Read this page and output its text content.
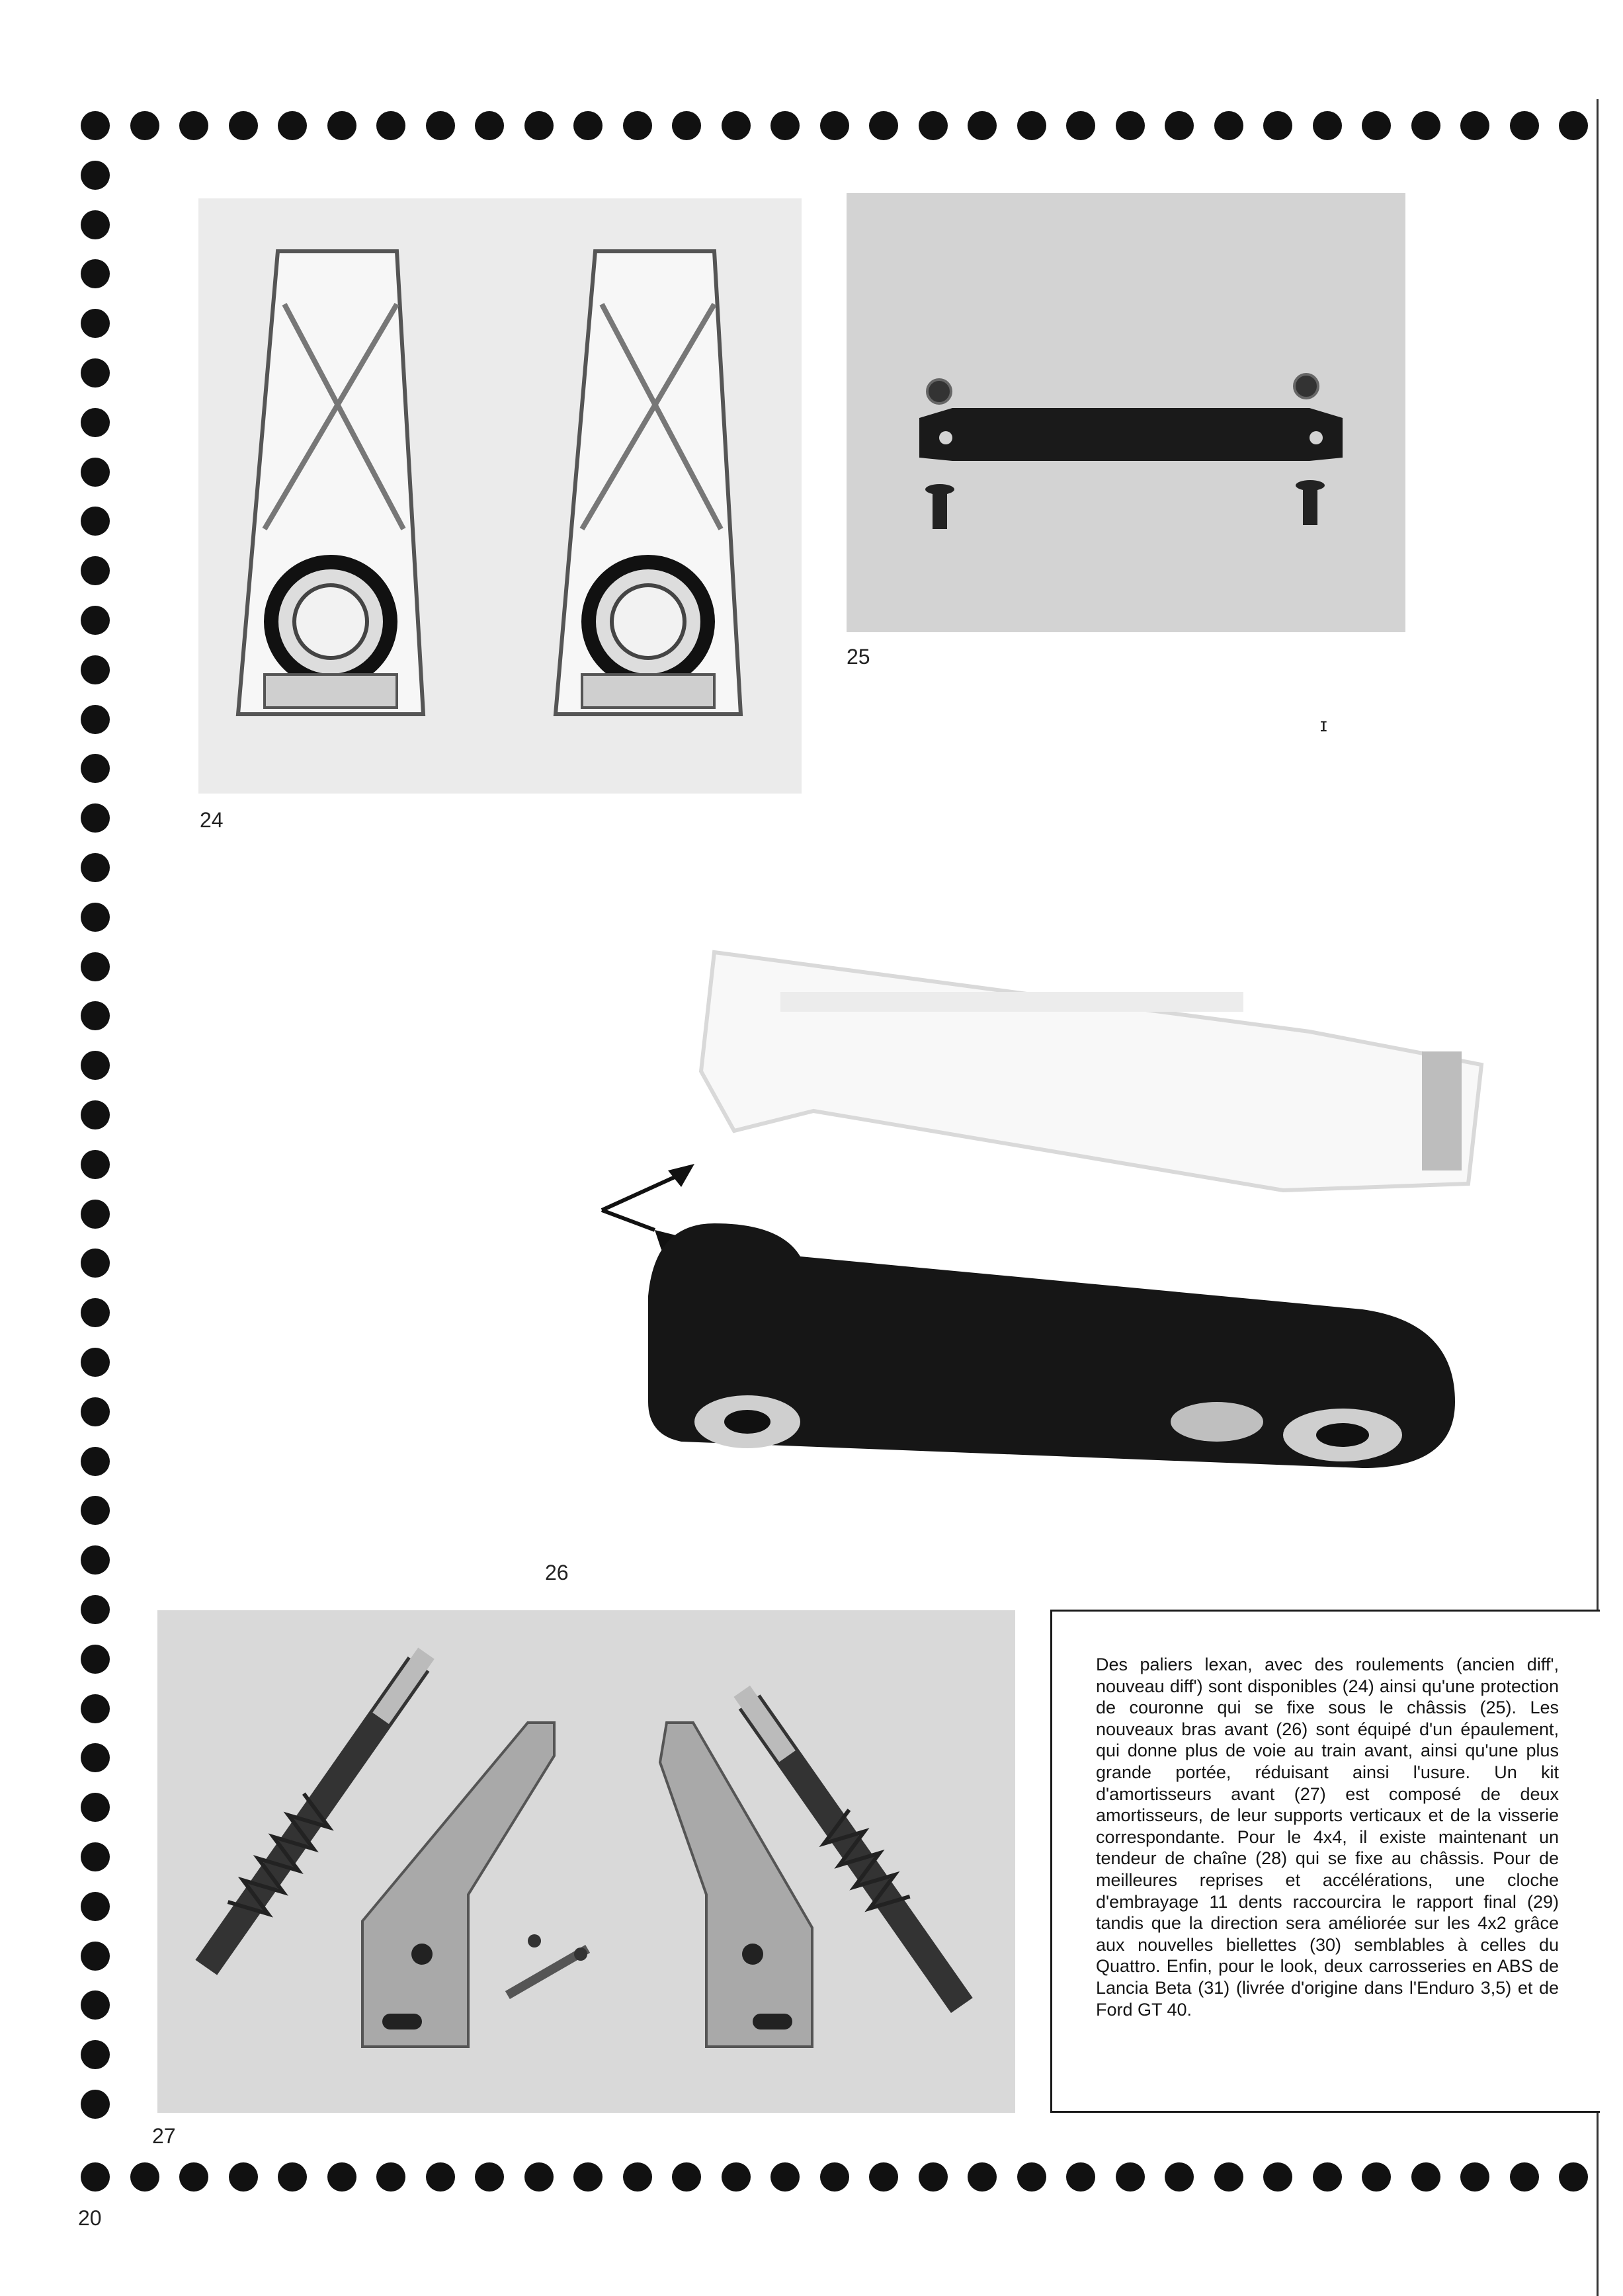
24
25
ɪ
26
27

Des paliers lexan, avec des roulements (ancien diff', nouveau diff') sont disponibles (24) ainsi qu'une protection de couronne qui se fixe sous le châssis (25). Les nouveaux bras avant (26) sont équipé d'un épaulement, qui donne plus de voie au train avant, ainsi qu'une plus grande portée, réduisant ainsi l'usure. Un kit d'amortisseurs avant (27) est composé de deux amortisseurs, de leur supports verticaux et de la visserie correspondante. Pour le 4x4, il existe maintenant un tendeur de chaîne (28) qui se fixe au châssis. Pour de meilleures reprises et accélérations, une cloche d'embrayage 11 dents raccourcira le rapport final (29) tandis que la direction sera améliorée sur les 4x2 grâce aux nouvelles biellettes (30) semblables à celles du Quattro. Enfin, pour le look, deux carrosseries en ABS de Lancia Beta (31) (livrée d'origine dans l'Enduro 3,5) et de Ford GT 40.

20
